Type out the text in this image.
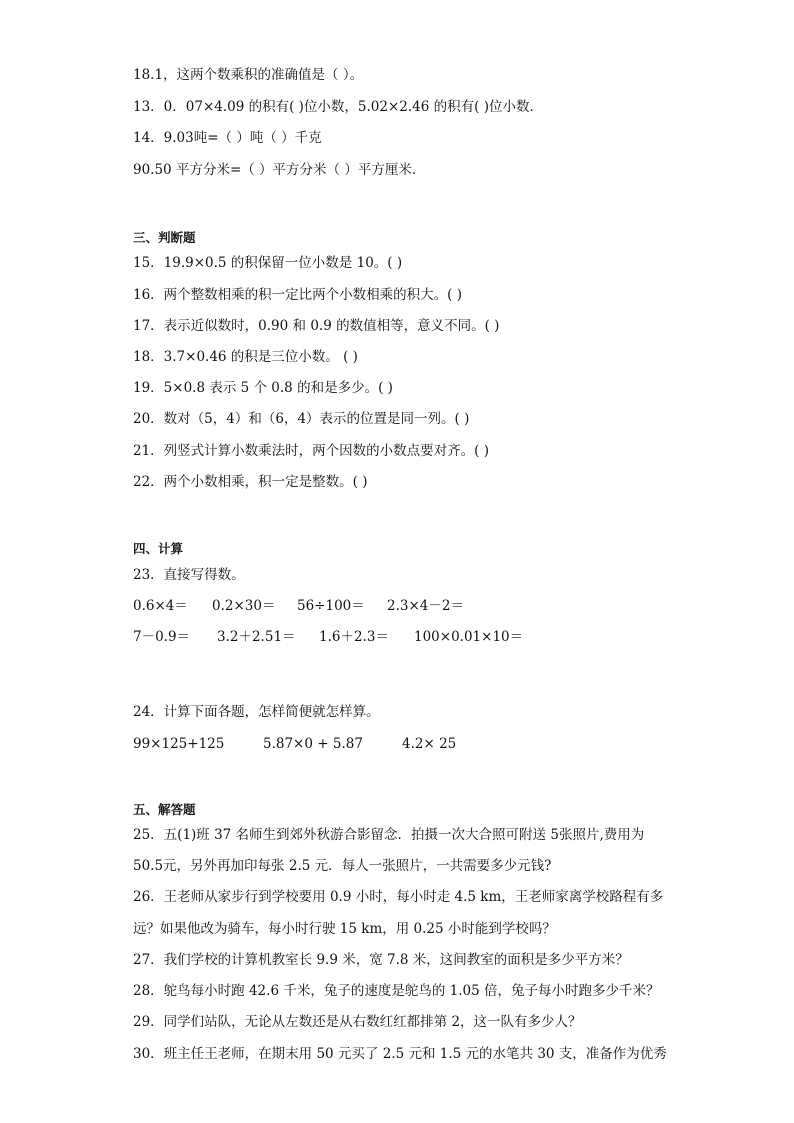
18.1，这两个数乘积的准确值是（ ）。
13．0．07×4.09 的积有( )位小数，5.02×2.46 的积有( )位小数．
14．9.03吨=（ ）吨（ ）千克
90.50 平方分米=（ ）平方分米（ ）平方厘米．
三、判断题
15．19.9×0.5 的积保留一位小数是 10。( )
16．两个整数相乘的积一定比两个小数相乘的积大。( )
17．表示近似数时，0.90 和 0.9 的数值相等，意义不同。( )
18．3.7×0.46 的积是三位小数。 ( )
19．5×0.8 表示 5 个 0.8 的和是多少。( )
20．数对（5，4）和（6，4）表示的位置是同一列。( )
21．列竖式计算小数乘法时，两个因数的小数点要对齐。( )
22．两个小数相乘，积一定是整数。( )
四、计算
23．直接写得数。
0.6×4＝ 0.2×30＝ 56÷100＝ 2.3×4－2＝
7－0.9＝ 3.2＋2.51＝ 1.6＋2.3＝ 100×0.01×10＝
24．计算下面各题，怎样简便就怎样算。
99×125+125	5.87×0 + 5.87	4.2× 25
五、解答题
25．五(1)班 37 名师生到郊外秋游合影留念．拍摄一次大合照可附送 5张照片,费用为
50.5元，另外再加印每张 2.5 元．每人一张照片，一共需要多少元钱?
26．王老师从家步行到学校要用 0.9 小时，每小时走 4.5 km，王老师家离学校路程有多
远？如果他改为骑车，每小时行驶 15 km，用 0.25 小时能到学校吗？
27．我们学校的计算机教室长 9.9 米，宽 7.8 米，这间教室的面积是多少平方米？
28．鸵鸟每小时跑 42.6 千米，兔子的速度是鸵鸟的 1.05 倍，兔子每小时跑多少千米？
29．同学们站队，无论从左数还是从右数红红都排第 2，这一队有多少人？
30．班主任王老师，在期末用 50 元买了 2.5 元和 1.5 元的水笔共 30 支，准备作为优秀
